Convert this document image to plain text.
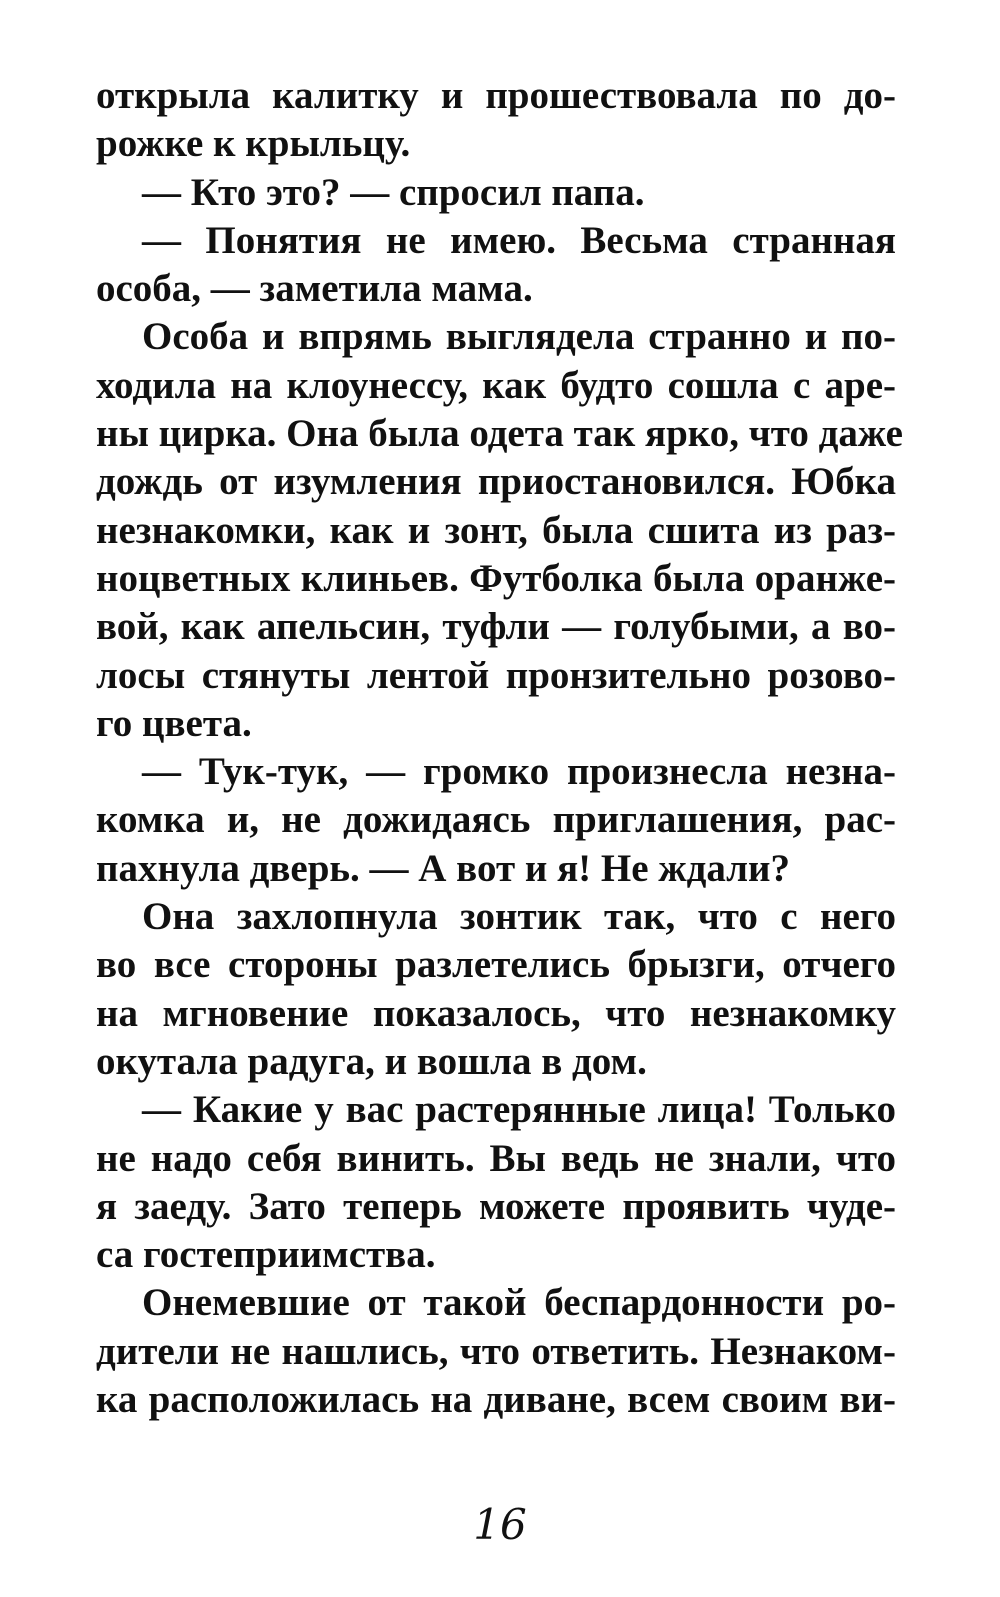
открыла калитку и прошествовала по до-
рожке к крыльцу.
— Кто это? — спросил папа.
— Понятия не имею. Весьма странная
особа, — заметила мама.
Особа и впрямь выглядела странно и по-
ходила на клоунессу, как будто сошла с аре-
ны цирка. Она была одета так ярко, что даже
дождь от изумления приостановился. Юбка
незнакомки, как и зонт, была сшита из раз-
ноцветных клиньев. Футболка была оранже-
вой, как апельсин, туфли — голубыми, а во-
лосы стянуты лентой пронзительно розово-
го цвета.
— Тук-тук, — громко произнесла незна-
комка и, не дожидаясь приглашения, рас-
пахнула дверь. — А вот и я! Не ждали?
Она захлопнула зонтик так, что с него
во все стороны разлетелись брызги, отчего
на мгновение показалось, что незнакомку
окутала радуга, и вошла в дом.
— Какие у вас растерянные лица! Только
не надо себя винить. Вы ведь не знали, что
я заеду. Зато теперь можете проявить чуде-
са гостеприимства.
Онемевшие от такой беспардонности ро-
дители не нашлись, что ответить. Незнаком-
ка расположилась на диване, всем своим ви-
16
